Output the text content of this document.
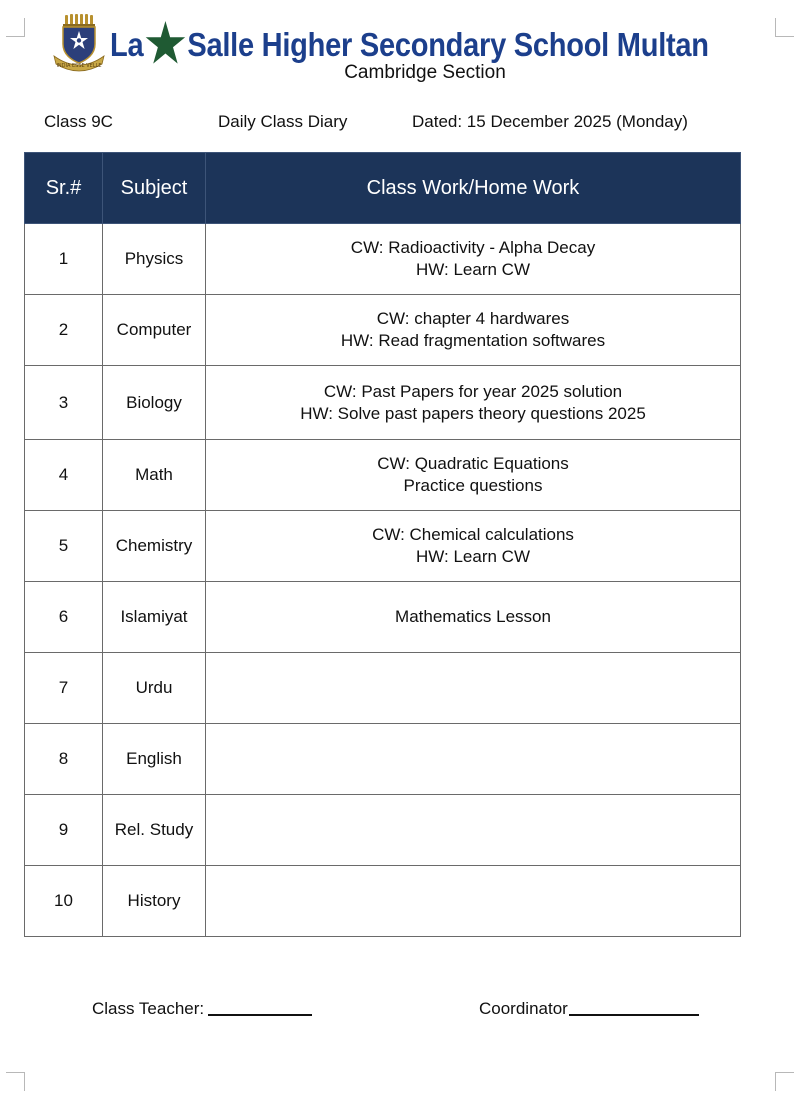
INDIA ESSE VELLE
La Salle Higher Secondary School Multan
Cambridge Section
Class 9C	Daily Class Diary	Dated: 15 December 2025 (Monday)
Sr.#	Subject	Class Work/Home Work
1	Physics	CW: Radioactivity - Alpha Decay
HW: Learn CW

2	Computer	CW: chapter 4 hardwares
HW: Read fragmentation softwares

3	Biology	CW: Past Papers for year 2025 solution
HW: Solve past papers theory questions 2025

4	Math	CW: Quadratic Equations
Practice questions

5	Chemistry	CW: Chemical calculations
HW: Learn CW

6	Islamiyat	Mathematics Lesson

7	Urdu	
8	English	
9	Rel. Study	
10	History	
Class Teacher:	Coordinator
